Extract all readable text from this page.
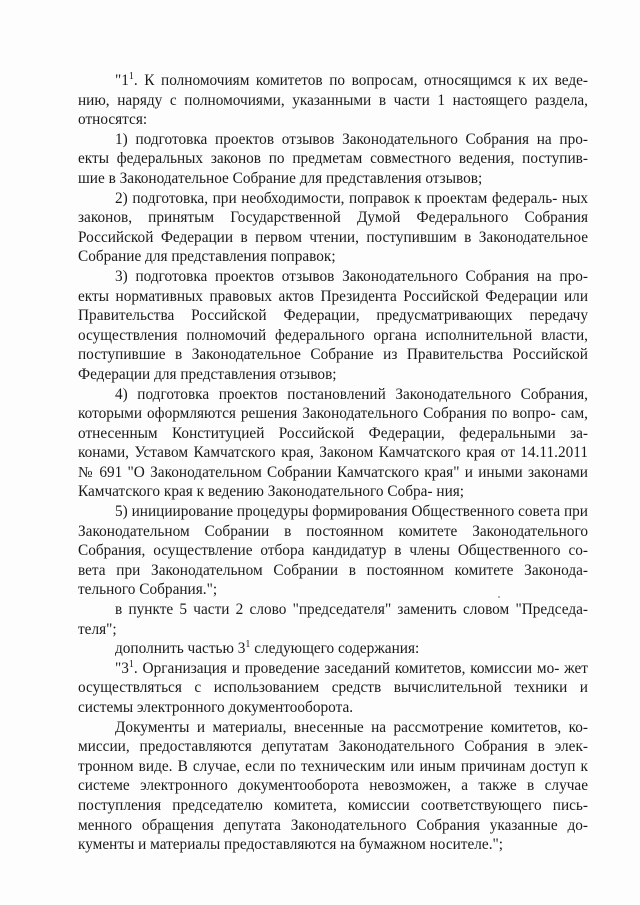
"$1^1$. К полномочиям комитетов по вопросам, относящимся к их веде- нию, наряду с полномочиями, указанными в части 1 настоящего раздела, относятся:

1) подготовка проектов отзывов Законодательного Собрания на про- екты федеральных законов по предметам совместного ведения, поступив- шие в Законодательное Собрание для представления отзывов;

2) подготовка, при необходимости, поправок к проектам федераль- ных законов, принятым Государственной Думой Федерального Собрания Российской Федерации в первом чтении, поступившим в Законодательное Собрание для представления поправок;

3) подготовка проектов отзывов Законодательного Собрания на про- екты нормативных правовых актов Президента Российской Федерации или Правительства Российской Федерации, предусматривающих передачу осуществления полномочий федерального органа исполнительной власти, поступившие в Законодательное Собрание из Правительства Российской Федерации для представления отзывов;

4) подготовка проектов постановлений Законодательного Собрания, которыми оформляются решения Законодательного Собрания по вопро- сам, отнесенным Конституцией Российской Федерации, федеральными за- конами, Уставом Камчатского края, Законом Камчатского края от 14.11.2011 № 691 "О Законодательном Собрании Камчатского края" и иными законами Камчатского края к ведению Законодательного Собра- ния;

5) инициирование процедуры формирования Общественного совета при Законодательном Собрании в постоянном комитете Законодательного Собрания, осуществление отбора кандидатур в члены Общественного со- вета при Законодательном Собрании в постоянном комитете Законода- тельного Собрания.";

в пункте 5 части 2 слово "председателя" заменить словом "Председа- теля";

дополнить частью $3^1$ следующего содержания:

"$3^1$. Организация и проведение заседаний комитетов, комиссии мо- жет осуществляться с использованием средств вычислительной техники и системы электронного документооборота.

Документы и материалы, внесенные на рассмотрение комитетов, ко- миссии, предоставляются депутатам Законодательного Собрания в элек- тронном виде. В случае, если по техническим или иным причинам доступ к системе электронного документооборота невозможен, а также в случае поступления председателю комитета, комиссии соответствующего пись- менного обращения депутата Законодательного Собрания указанные до- кументы и материалы предоставляются на бумажном носителе.";
